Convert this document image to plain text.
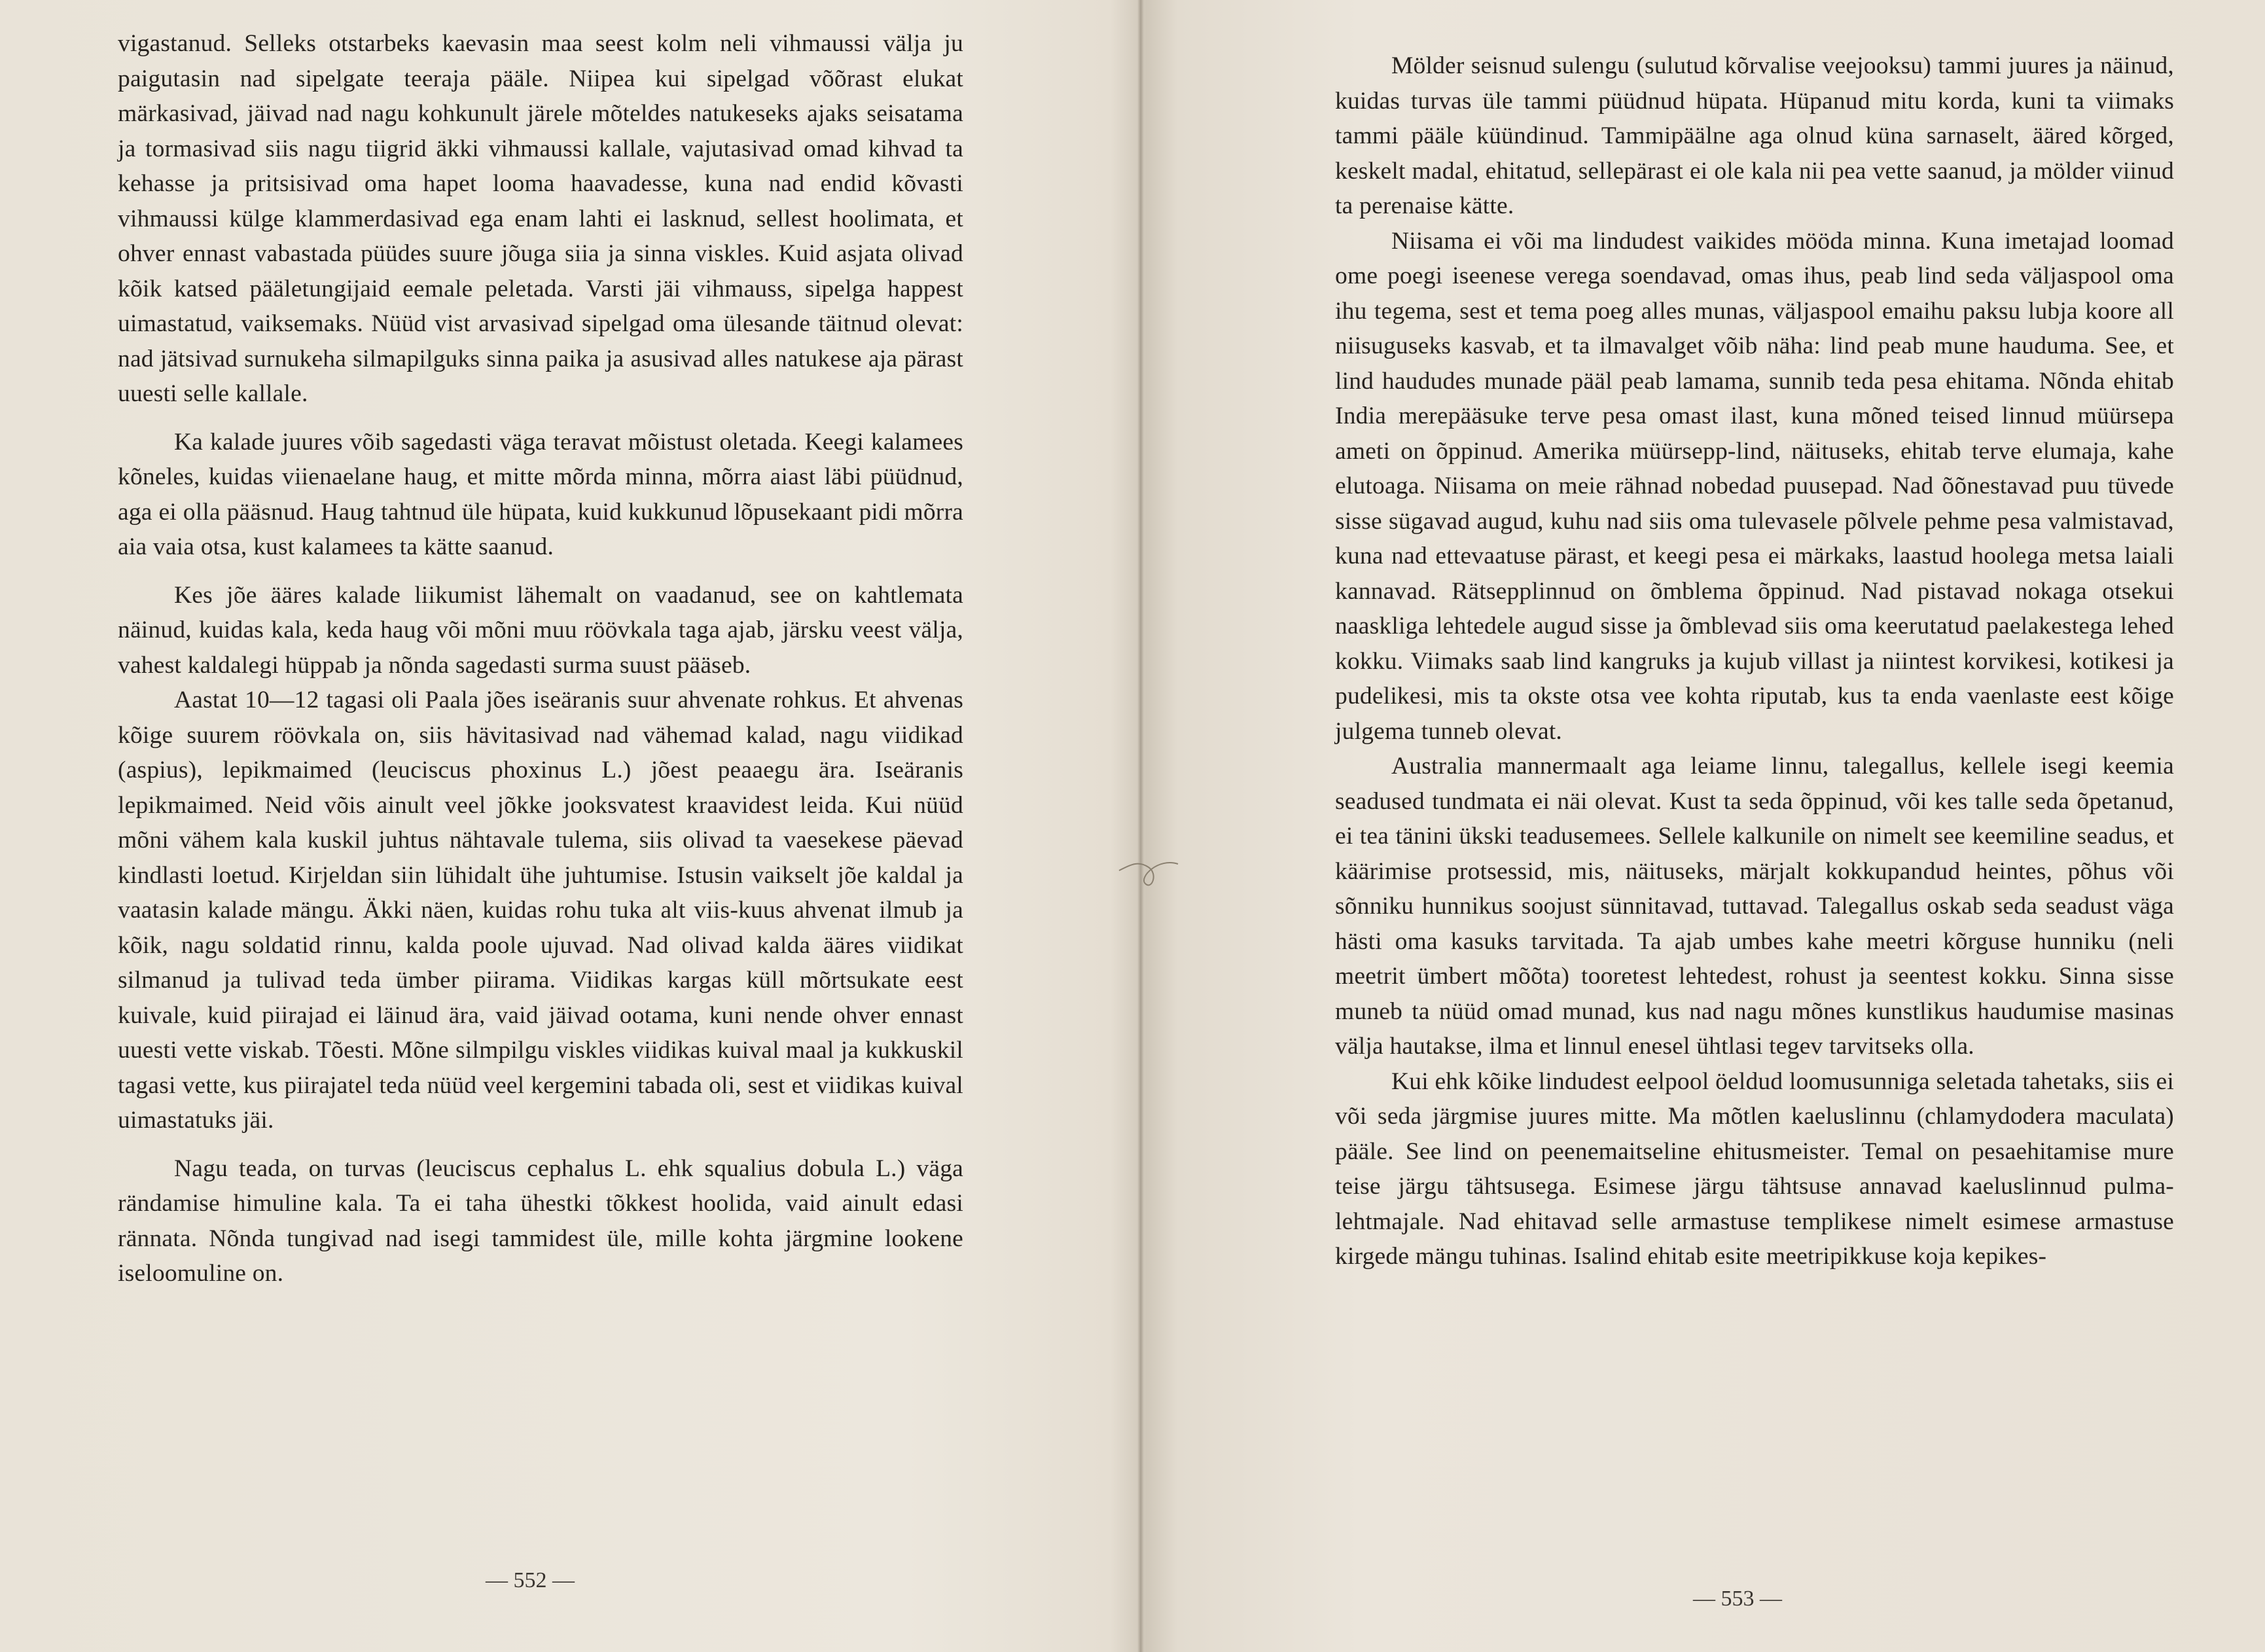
vigastanud. Selleks otstarbeks kaevasin maa seest kolm neli vihmaussi välja ju paigutasin nad sipelgate teeraja pääle. Niipea kui sipelgad võõrast elukat märkasivad, jäivad nad nagu kohkunult järele mõteldes natukeseks ajaks seisatama ja tormasivad siis nagu tiigrid äkki vihmaussi kallale, vajutasivad omad kihvad ta kehasse ja pritsisivad oma hapet looma haavadesse, kuna nad endid kõvasti vihmaussi külge klammerdasivad ega enam lahti ei lasknud, sellest hoolimata, et ohver ennast vabastada püüdes suure jõuga siia ja sinna viskles. Kuid asjata olivad kõik katsed pääletungijaid eemale peletada. Varsti jäi vihmauss, sipelga happest uimastatud, vaiksemaks. Nüüd vist arvasivad sipelgad oma ülesande täitnud olevat: nad jätsivad surnukeha silmapilguks sinna paika ja asusivad alles natukese aja pärast uuesti selle kallale.

Ka kalade juures võib sagedasti väga teravat mõistust oletada. Keegi kalamees kõneles, kuidas viienaelane haug, et mitte mõrda minna, mõrra aiast läbi püüdnud, aga ei olla pääsnud. Haug tahtnud üle hüpata, kuid kukkunud lõpusekaant pidi mõrra aia vaia otsa, kust kalamees ta kätte saanud.

Kes jõe ääres kalade liikumist lähemalt on vaadanud, see on kahtlemata näinud, kuidas kala, keda haug või mõni muu röövkala taga ajab, järsku veest välja, vahest kaldalegi hüppab ja nõnda sagedasti surma suust pääseb.

Aastat 10—12 tagasi oli Paala jões iseäranis suur ahvenate rohkus. Et ahvenas kõige suurem röövkala on, siis hävitasivad nad vähemad kalad, nagu viidikad (aspius), lepikmaimed (leuciscus phoxinus L.) jõest peaaegu ära. Iseäranis lepikmaimed. Neid võis ainult veel jõkke jooksvatest kraavidest leida. Kui nüüd mõni vähem kala kuskil juhtus nähtavale tulema, siis olivad ta vaesekese päevad kindlasti loetud. Kirjeldan siin lühidalt ühe juhtumise. Istusin vaikselt jõe kaldal ja vaatasin kalade mängu. Äkki näen, kuidas rohu tuka alt viis-kuus ahvenat ilmub ja kõik, nagu soldatid rinnu, kalda poole ujuvad. Nad olivad kalda ääres viidikat silmanud ja tulivad teda ümber piirama. Viidikas kargas küll mõrtsukate eest kuivale, kuid piirajad ei läinud ära, vaid jäivad ootama, kuni nende ohver ennast uuesti vette viskab. Tõesti. Mõne silmpilgu viskles viidikas kuival maal ja kukkuskil tagasi vette, kus piirajatel teda nüüd veel kergemini tabada oli, sest et viidikas kuival uimastatuks jäi.

Nagu teada, on turvas (leuciscus cephalus L. ehk squalius dobula L.) väga rändamise himuline kala. Ta ei taha ühestki tõkkest hoolida, vaid ainult edasi rännata. Nõnda tungivad nad isegi tammidest üle, mille kohta järgmine lookene iseloomuline on.

— 552 —

Mölder seisnud sulengu (sulutud kõrvalise veejooksu) tammi juures ja näinud, kuidas turvas üle tammi püüdnud hüpata. Hüpanud mitu korda, kuni ta viimaks tammi pääle küündinud. Tammipäälne aga olnud küna sarnaselt, ääred kõrged, keskelt madal, ehitatud, sellepärast ei ole kala nii pea vette saanud, ja mölder viinud ta perenaise kätte.

Niisama ei või ma lindudest vaikides mööda minna. Kuna imetajad loomad ome poegi iseenese verega soendavad, omas ihus, peab lind seda väljaspool oma ihu tegema, sest et tema poeg alles munas, väljaspool emaihu paksu lubja koore all niisuguseks kasvab, et ta ilmavalget võib näha: lind peab mune hauduma. See, et lind haududes munade pääl peab lamama, sunnib teda pesa ehitama. Nõnda ehitab India merepääsuke terve pesa omast ilast, kuna mõned teised linnud müürsepa ameti on õppinud. Amerika müürsepp-lind, näituseks, ehitab terve elumaja, kahe elutoaga. Niisama on meie rähnad nobedad puusepad. Nad õõnestavad puu tüvede sisse sügavad augud, kuhu nad siis oma tulevasele põlvele pehme pesa valmistavad, kuna nad ettevaatuse pärast, et keegi pesa ei märkaks, laastud hoolega metsa laiali kannavad. Rätsepplinnud on õmblema õppinud. Nad pistavad nokaga otsekui naaskliga lehtedele augud sisse ja õmblevad siis oma keerutatud paelakestega lehed kokku. Viimaks saab lind kangruks ja kujub villast ja niintest korvikesi, kotikesi ja pudelikesi, mis ta okste otsa vee kohta riputab, kus ta enda vaenlaste eest kõige julgema tunneb olevat.

Australia mannermaalt aga leiame linnu, talegallus, kellele isegi keemia seadused tundmata ei näi olevat. Kust ta seda õppinud, või kes talle seda õpetanud, ei tea tänini ükski teadusemees. Sellele kalkunile on nimelt see keemiline seadus, et käärimise protsessid, mis, näituseks, märjalt kokkupandud heintes, põhus või sõnniku hunnikus soojust sünnitavad, tuttavad. Talegallus oskab seda seadust väga hästi oma kasuks tarvitada. Ta ajab umbes kahe meetri kõrguse hunniku (neli meetrit ümbert mõõta) tooretest lehtedest, rohust ja seentest kokku. Sinna sisse muneb ta nüüd omad munad, kus nad nagu mõnes kunstlikus haudumise masinas välja hautakse, ilma et linnul enesel ühtlasi tegev tarvitseks olla.

Kui ehk kõike lindudest eelpool öeldud loomusunniga seletada tahetaks, siis ei või seda järgmise juures mitte. Ma mõtlen kaeluslinnu (chlamydodera maculata) pääle. See lind on peenemaitseline ehitusmeister. Temal on pesaehitamise mure teise järgu tähtsusega. Esimese järgu tähtsuse annavad kaeluslinnud pulma-lehtmajale. Nad ehitavad selle armastuse templikese nimelt esimese armastuse kirgede mängu tuhinas. Isalind ehitab esite meetripikkuse koja kepikes-

— 553 —
